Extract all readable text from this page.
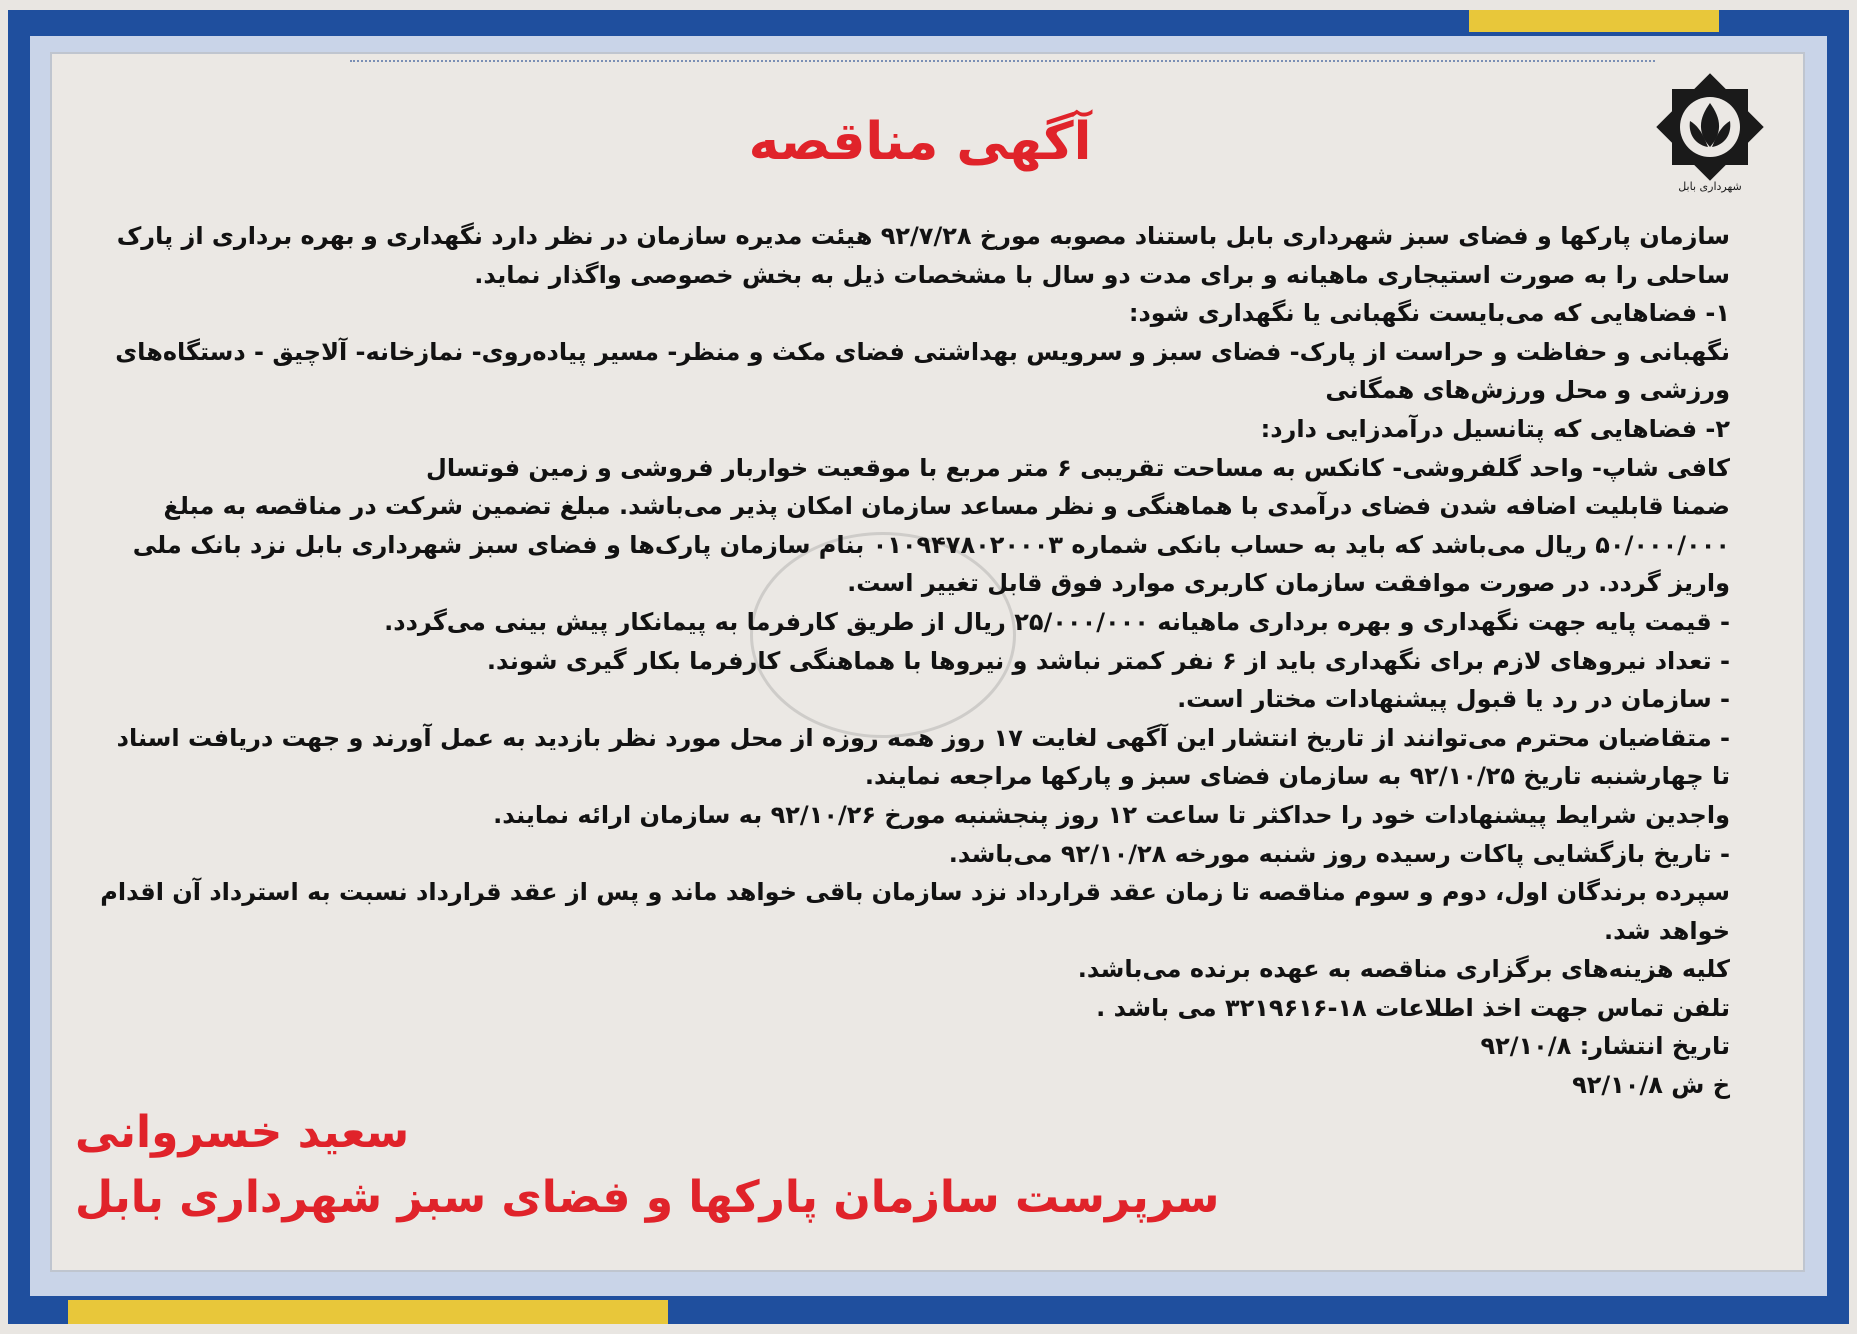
شهرداری بابل
آگهی مناقصه

سازمان پارکها و فضای سبز شهرداری بابل باستناد مصوبه مورخ ۹۲/۷/۲۸ هیئت مدیره سازمان در نظر دارد نگهداری و بهره برداری از پارک

ساحلی را به صورت استیجاری ماهیانه و برای مدت دو سال با مشخصات ذیل به بخش خصوصی واگذار نماید.

۱- فضاهایی که می‌بایست نگهبانی یا نگهداری شود:

نگهبانی و حفاظت و حراست از پارک- فضای سبز و سرویس بهداشتی فضای مکث و منظر- مسیر پیاده‌روی- نمازخانه- آلاچیق - دستگاه‌های

ورزشی و محل ورزش‌های همگانی

۲- فضاهایی که پتانسیل درآمدزایی دارد:

کافی شاپ- واحد گلفروشی- کانکس به مساحت تقریبی ۶ متر مربع با موقعیت خواربار فروشی و زمین فوتسال

ضمنا قابلیت اضافه شدن فضای درآمدی با هماهنگی و نظر مساعد سازمان امکان پذیر می‌باشد. مبلغ تضمین شرکت در مناقصه به مبلغ

۵۰/۰۰۰/۰۰۰ ریال می‌باشد که باید به حساب بانکی شماره ۰۱۰۹۴۷۸۰۲۰۰۰۳ بنام سازمان پارک‌ها و فضای سبز شهرداری بابل نزد بانک ملی

واریز گردد. در صورت موافقت سازمان کاربری موارد فوق قابل تغییر است.

- قیمت پایه جهت نگهداری و بهره برداری ماهیانه ۲۵/۰۰۰/۰۰۰ ریال از طریق کارفرما به پیمانکار پیش بینی می‌گردد.

- تعداد نیروهای لازم برای نگهداری باید از ۶ نفر کمتر نباشد و نیروها با هماهنگی کارفرما بکار گیری شوند.

- سازمان در رد یا قبول پیشنهادات مختار است.

- متقاضیان محترم می‌توانند از تاریخ انتشار این آگهی لغایت ۱۷ روز همه روزه از محل مورد نظر بازدید به عمل آورند و جهت دریافت اسناد

تا چهارشنبه تاریخ ۹۲/۱۰/۲۵ به سازمان فضای سبز و پارکها مراجعه نمایند.

واجدین شرایط پیشنهادات خود را حداکثر تا ساعت ۱۲ روز پنجشنبه مورخ ۹۲/۱۰/۲۶ به سازمان ارائه نمایند.

- تاریخ بازگشایی پاکات رسیده روز شنبه مورخه ۹۲/۱۰/۲۸ می‌باشد.

سپرده برندگان اول، دوم و سوم مناقصه تا زمان عقد قرارداد نزد سازمان باقی خواهد ماند و پس از عقد قرارداد نسبت به استرداد آن اقدام

خواهد شد.

کلیه هزینه‌های برگزاری مناقصه به عهده برنده می‌باشد.

تلفن تماس جهت اخذ اطلاعات ۱۸-۳۲۱۹۶۱۶ می باشد .

تاریخ انتشار: ۹۲/۱۰/۸

خ ش ۹۲/۱۰/۸

سعید خسروانی
سرپرست سازمان پارکها و فضای سبز شهرداری بابل
